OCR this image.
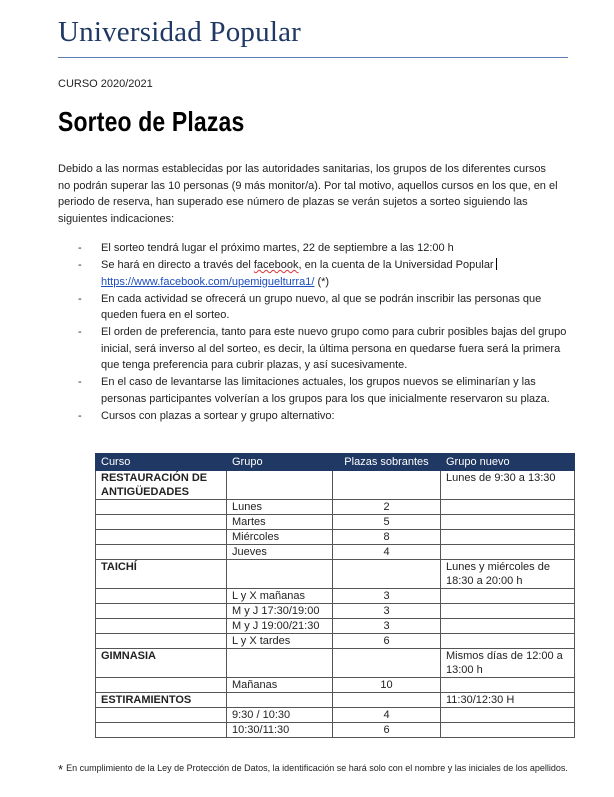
Universidad Popular
CURSO 2020/2021
Sorteo de Plazas

Debido a las normas establecidas por las autoridades sanitarias, los grupos de los diferentes cursos no podrán superar las 10 personas (9 más monitor/a). Por tal motivo, aquellos cursos en los que, en el periodo de reserva, han superado ese número de plazas se verán sujetos a sorteo siguiendo las siguientes indicaciones:

- El sorteo tendrá lugar el próximo martes, 22 de septiembre a las 12:00 h
- Se hará en directo a través del facebook, en la cuenta de la Universidad Popular
https://www.facebook.com/upemiguelturra1/ (*)
- En cada actividad se ofrecerá un grupo nuevo, al que se podrán inscribir las personas que queden fuera en el sorteo.
- El orden de preferencia, tanto para este nuevo grupo como para cubrir posibles bajas del grupo inicial, será inverso al del sorteo, es decir, la última persona en quedarse fuera será la primera que tenga preferencia para cubrir plazas, y así sucesivamente.
- En el caso de levantarse las limitaciones actuales, los grupos nuevos se eliminarían y las personas participantes volverían a los grupos para los que inicialmente reservaron su plaza.
- Cursos con plazas a sortear y grupo alternativo:
Curso	Grupo	Plazas sobrantes	Grupo nuevo
RESTAURACIÓN DE ANTIGÜEDADES			Lunes de 9:30 a 13:30
	Lunes	2	
	Martes	5	
	Miércoles	8	
	Jueves	4	
TAICHÍ			Lunes y miércoles de 18:30 a 20:00 h
	L y X mañanas	3	
	M y J 17:30/19:00	3	
	M y J 19:00/21:30	3	
	L y X tardes	6	
GIMNASIA			Mismos días de 12:00 a 13:00 h
	Mañanas	10	
ESTIRAMIENTOS			11:30/12:30 H
	9:30 / 10:30	4	
	10:30/11:30	6	
* En cumplimiento de la Ley de Protección de Datos, la identificación se hará solo con el nombre y las iniciales de los apellidos.
